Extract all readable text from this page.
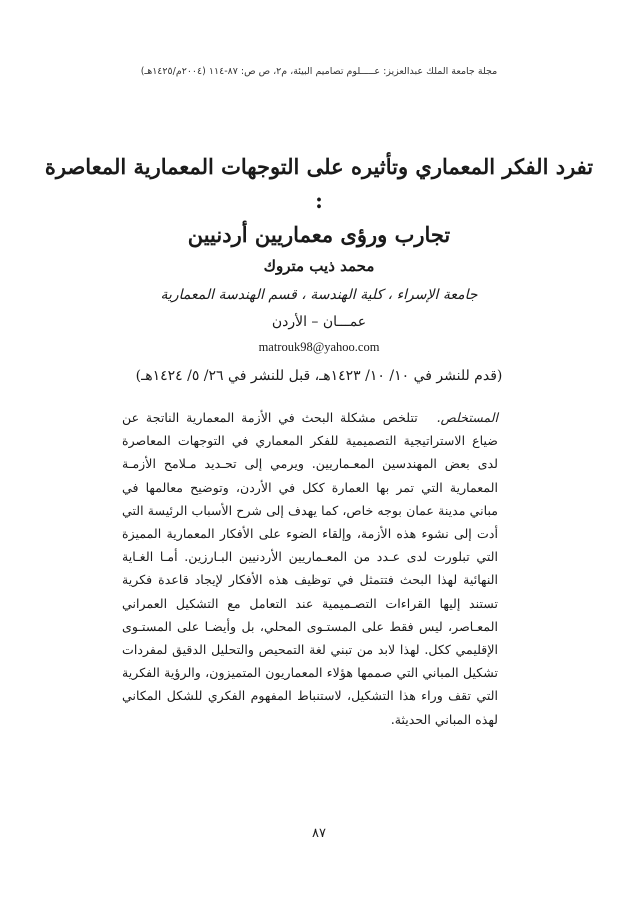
مجلة جامعة الملك عبدالعزيز: عـــــلوم تصاميم البيئة، م٢، ص ص: ٨٧-١١٤ (٢٠٠٤م/١٤٢٥هـ)
تفرد الفكر المعماري وتأثيره على التوجهات المعمارية المعاصرة :
تجارب ورؤى معماريين أردنيين
محمد ذيب متروك
جامعة الإسراء ، كلية الهندسة ، قسم الهندسة المعمارية
عمـــان – الأردن
matrouk98@yahoo.com
(قدم للنشر في ١٠/ ١٠/ ١٤٢٣هـ، قبل للنشر في ٢٦/ ٥/ ١٤٢٤هـ)
المستخلص. تتلخص مشكلة البحث في الأزمة المعمارية الناتجة عن ضياع الاستراتيجية التصميمية للفكر المعماري في التوجهات المعاصرة لدى بعض المهندسين المعـماريين. ويرمي إلى تحـديد مـلامح الأزمـة المعمارية التي تمر بها العمارة ككل في الأردن، وتوضيح معالمها في مباني مدينة عمان بوجه خاص، كما يهدف إلى شرح الأسباب الرئيسة التي أدت إلى نشوء هذه الأزمة، وإلقاء الضوء على الأفكار المعمارية المميزة التي تبلورت لدى عـدد من المعـماريين الأردنيين البـارزين. أمـا الغـاية النهائية لهذا البحث فتتمثل في توظيف هذه الأفكار لإيجاد قاعدة فكرية تستند إليها القراءات التصـميمية عند التعامل مع التشكيل العمراني المعـاصر، ليس فقط على المستـوى المحلي، بل وأيضـا على المستـوى الإقليمي ككل. لهذا لابد من تبني لغة التمحيص والتحليل الدقيق لمفردات تشكيل المباني التي صممها هؤلاء المعماريون المتميزون، والرؤية الفكرية التي تقف وراء هذا التشكيل، لاستنباط المفهوم الفكري للشكل المكاني لهذه المباني الحديثة.
٨٧
